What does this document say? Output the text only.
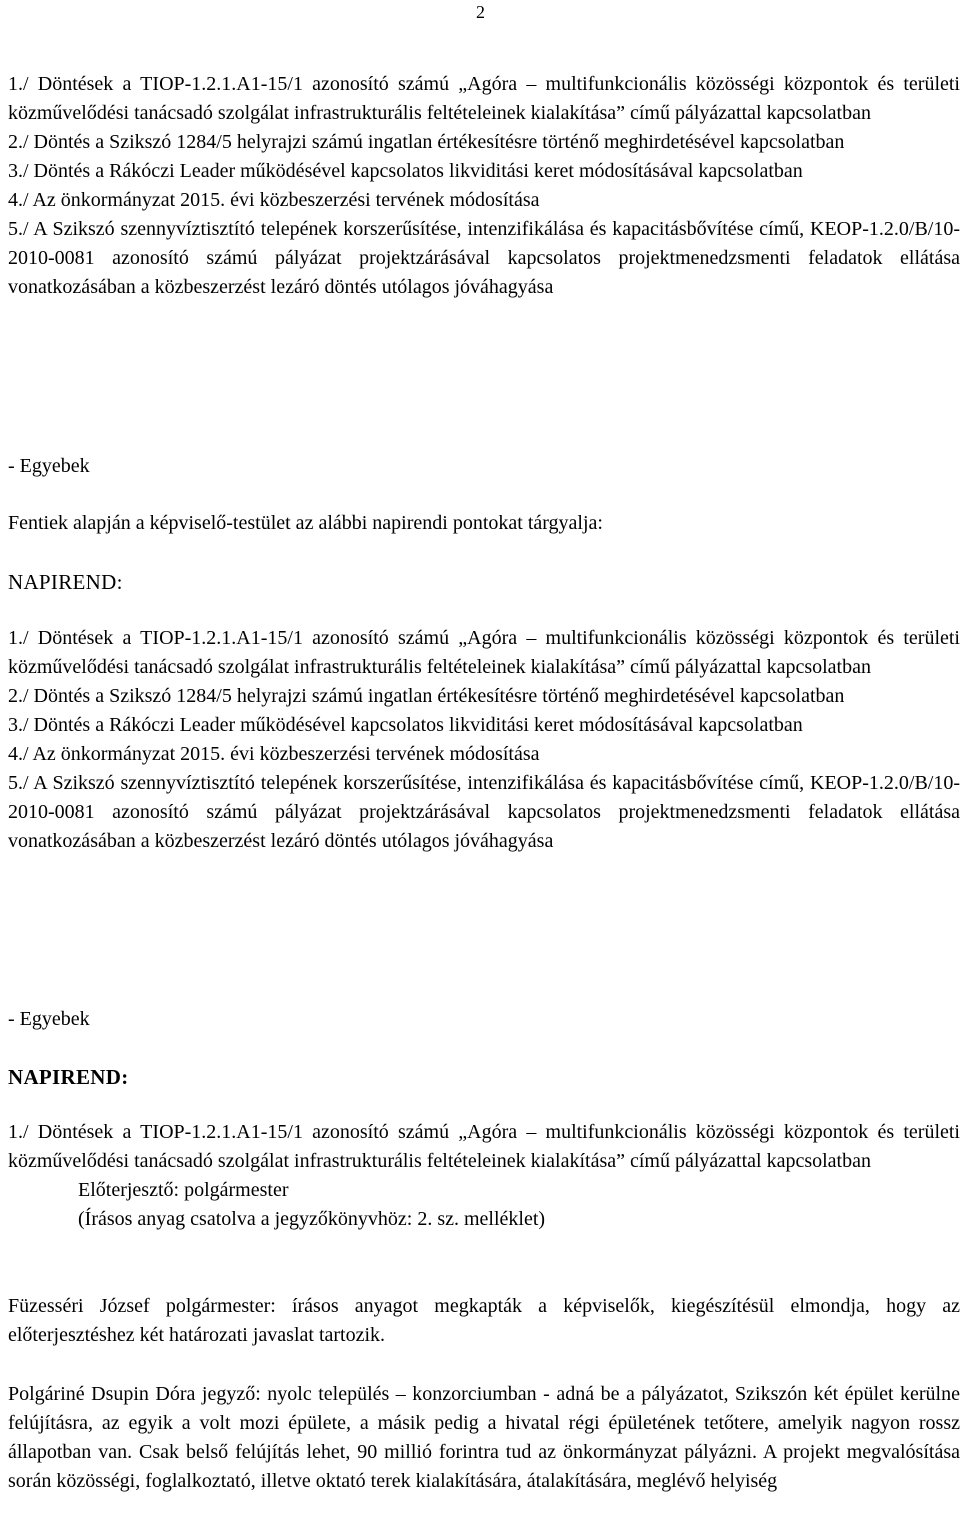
2
1./ Döntések a TIOP-1.2.1.A1-15/1 azonosító számú „Agóra – multifunkcionális közösségi központok és területi közművelődési tanácsadó szolgálat infrastrukturális feltételeinek kialakítása” című pályázattal kapcsolatban
2./ Döntés a Szikszó 1284/5 helyrajzi számú ingatlan értékesítésre történő meghirdetésével kapcsolatban
3./ Döntés a Rákóczi Leader működésével kapcsolatos likviditási keret módosításával kapcsolatban
4./ Az önkormányzat 2015. évi közbeszerzési tervének módosítása
5./ A Szikszó szennyvíztisztító telepének korszerűsítése, intenzifikálása és kapacitásbővítése című, KEOP-1.2.0/B/10-2010-0081 azonosító számú pályázat projektzárásával kapcsolatos projektmenedzsmenti feladatok ellátása vonatkozásában a közbeszerzést lezáró döntés utólagos jóváhagyása
- Egyebek
Fentiek alapján a képviselő-testület az alábbi napirendi pontokat tárgyalja:
NAPIREND:
1./ Döntések a TIOP-1.2.1.A1-15/1 azonosító számú „Agóra – multifunkcionális közösségi központok és területi közművelődési tanácsadó szolgálat infrastrukturális feltételeinek kialakítása” című pályázattal kapcsolatban
2./ Döntés a Szikszó 1284/5 helyrajzi számú ingatlan értékesítésre történő meghirdetésével kapcsolatban
3./ Döntés a Rákóczi Leader működésével kapcsolatos likviditási keret módosításával kapcsolatban
4./ Az önkormányzat 2015. évi közbeszerzési tervének módosítása
5./ A Szikszó szennyvíztisztító telepének korszerűsítése, intenzifikálása és kapacitásbővítése című, KEOP-1.2.0/B/10-2010-0081 azonosító számú pályázat projektzárásával kapcsolatos projektmenedzsmenti feladatok ellátása vonatkozásában a közbeszerzést lezáró döntés utólagos jóváhagyása
- Egyebek
NAPIREND:
1./ Döntések a TIOP-1.2.1.A1-15/1 azonosító számú „Agóra – multifunkcionális közösségi központok és területi közművelődési tanácsadó szolgálat infrastrukturális feltételeinek kialakítása” című pályázattal kapcsolatban
Előterjesztő: polgármester
(Írásos anyag csatolva a jegyzőkönyvhöz: 2. sz. melléklet)
Füzesséri József polgármester: írásos anyagot megkapták a képviselők, kiegészítésül elmondja, hogy az előterjesztéshez két határozati javaslat tartozik.
Polgáriné Dsupin Dóra jegyző: nyolc település – konzorciumban - adná be a pályázatot, Szikszón két épület kerülne felújításra, az egyik a volt mozi épülete, a másik pedig a hivatal régi épületének tetőtere, amelyik nagyon rossz állapotban van. Csak belső felújítás lehet, 90 millió forintra tud az önkormányzat pályázni. A projekt megvalósítása során közösségi, foglalkoztató, illetve oktató terek kialakítására, átalakítására, meglévő helyiség
